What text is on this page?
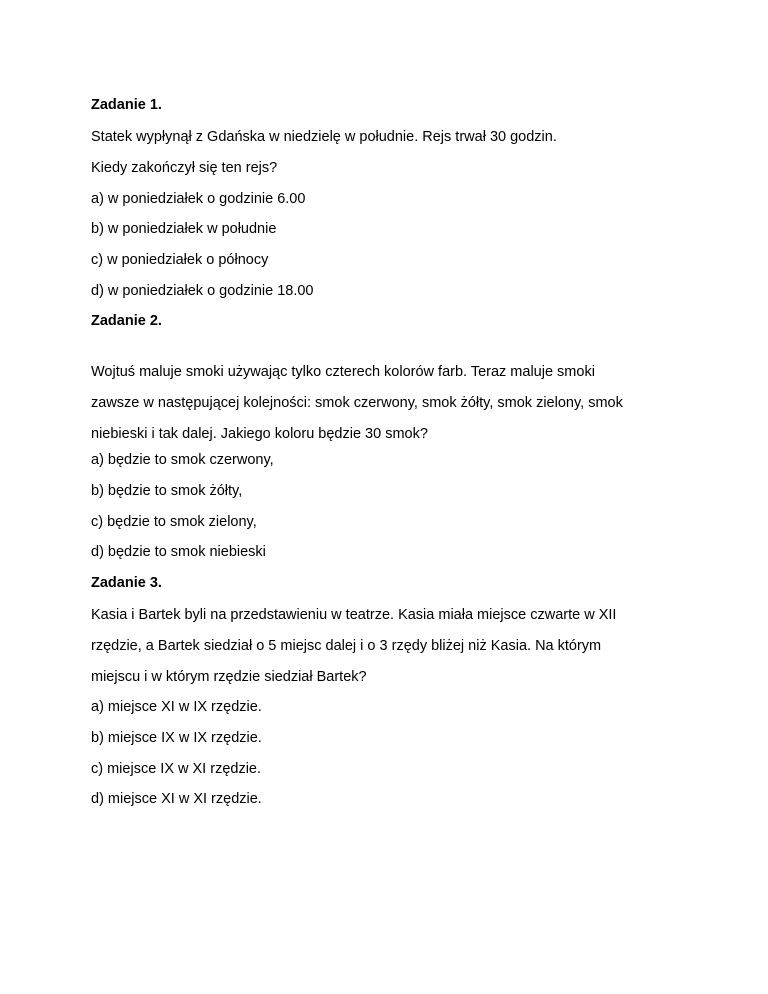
Zadanie 1.
Statek wypłynął z Gdańska w niedzielę w południe. Rejs trwał 30 godzin.
Kiedy zakończył się ten rejs?
a) w poniedziałek o godzinie 6.00
b) w poniedziałek w południe
c) w poniedziałek o północy
d) w poniedziałek o godzinie 18.00
Zadanie 2.
Wojtuś maluje smoki używając tylko czterech kolorów farb. Teraz maluje smoki
zawsze w następującej kolejności: smok czerwony, smok żółty, smok zielony, smok
niebieski i tak dalej. Jakiego koloru będzie 30 smok?
a) będzie to smok czerwony,
b) będzie to smok żółty,
c) będzie to smok zielony,
d) będzie to smok niebieski
Zadanie 3.
Kasia i Bartek byli na przedstawieniu w teatrze. Kasia miała miejsce czwarte w XII
rzędzie, a Bartek siedział o 5 miejsc dalej i o 3 rzędy bliżej niż Kasia. Na którym
miejscu i w którym rzędzie siedział Bartek?
a) miejsce XI w IX rzędzie.
b) miejsce IX w IX rzędzie.
c) miejsce IX w XI rzędzie.
d) miejsce XI w XI rzędzie.
